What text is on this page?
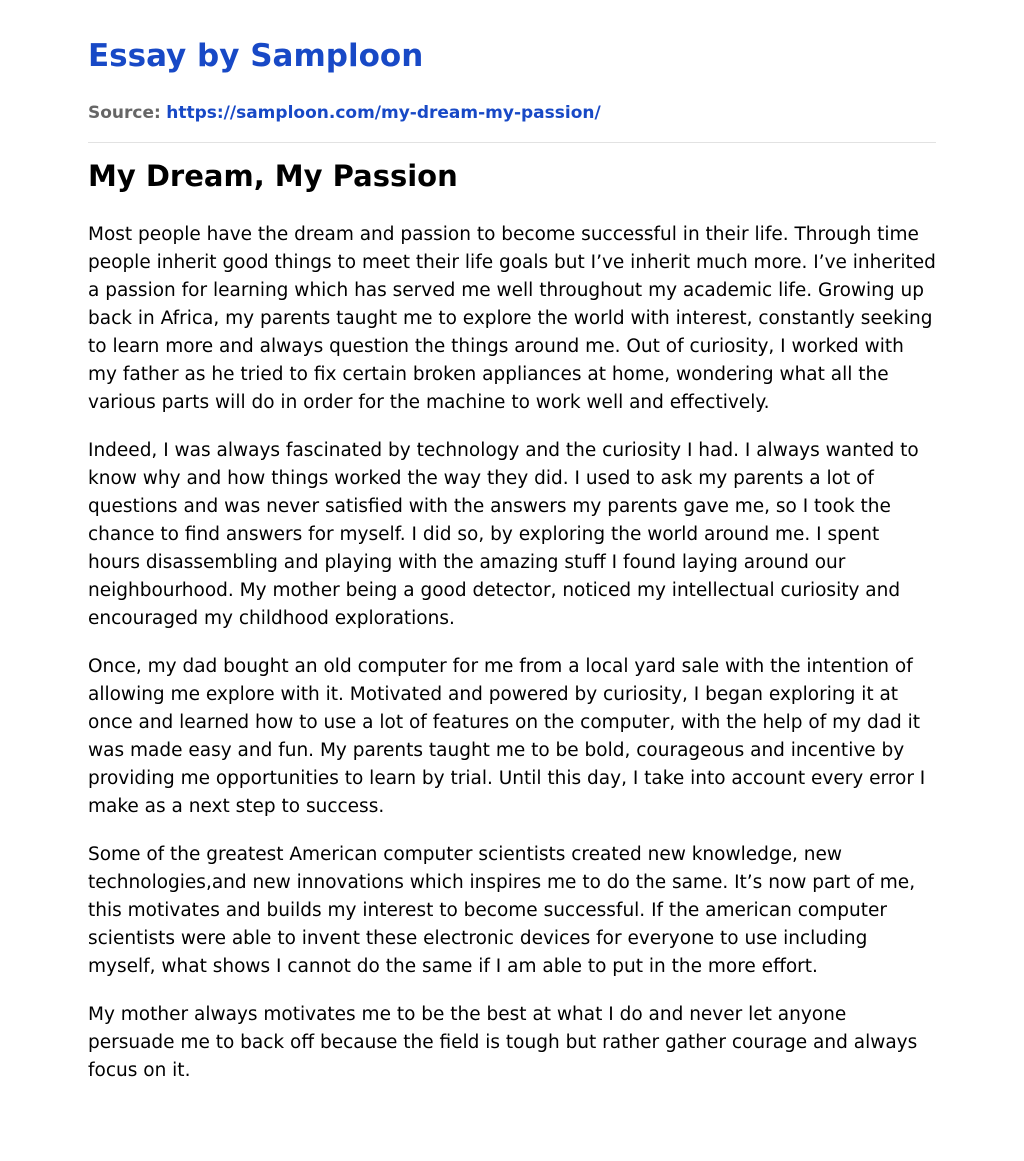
Essay by Samploon
Source: https://samploon.com/my-dream-my-passion/
My Dream, My Passion

Most people have the dream and passion to become successful in their life. Through time people inherit good things to meet their life goals but I’ve inherit much more. I’ve inherited a passion for learning which has served me well throughout my academic life. Growing up back in Africa, my parents taught me to explore the world with interest, constantly seeking to learn more and always question the things around me. Out of curiosity, I worked with my father as he tried to fix certain broken appliances at home, wondering what all the various parts will do in order for the machine to work well and effectively.

Indeed, I was always fascinated by technology and the curiosity I had. I always wanted to know why and how things worked the way they did. I used to ask my parents a lot of questions and was never satisfied with the answers my parents gave me, so I took the chance to find answers for myself. I did so, by exploring the world around me. I spent hours disassembling and playing with the amazing stuff I found laying around our neighbourhood. My mother being a good detector, noticed my intellectual curiosity and encouraged my childhood explorations.

Once, my dad bought an old computer for me from a local yard sale with the intention of allowing me explore with it. Motivated and powered by curiosity, I began exploring it at once and learned how to use a lot of features on the computer, with the help of my dad it was made easy and fun. My parents taught me to be bold, courageous and incentive by providing me opportunities to learn by trial. Until this day, I take into account every error I make as a next step to success.

Some of the greatest American computer scientists created new knowledge, new technologies,and new innovations which inspires me to do the same. It’s now part of me, this motivates and builds my interest to become successful. If the american computer scientists were able to invent these electronic devices for everyone to use including myself, what shows I cannot do the same if I am able to put in the more effort.

My mother always motivates me to be the best at what I do and never let anyone persuade me to back off because the field is tough but rather gather courage and always focus on it.
